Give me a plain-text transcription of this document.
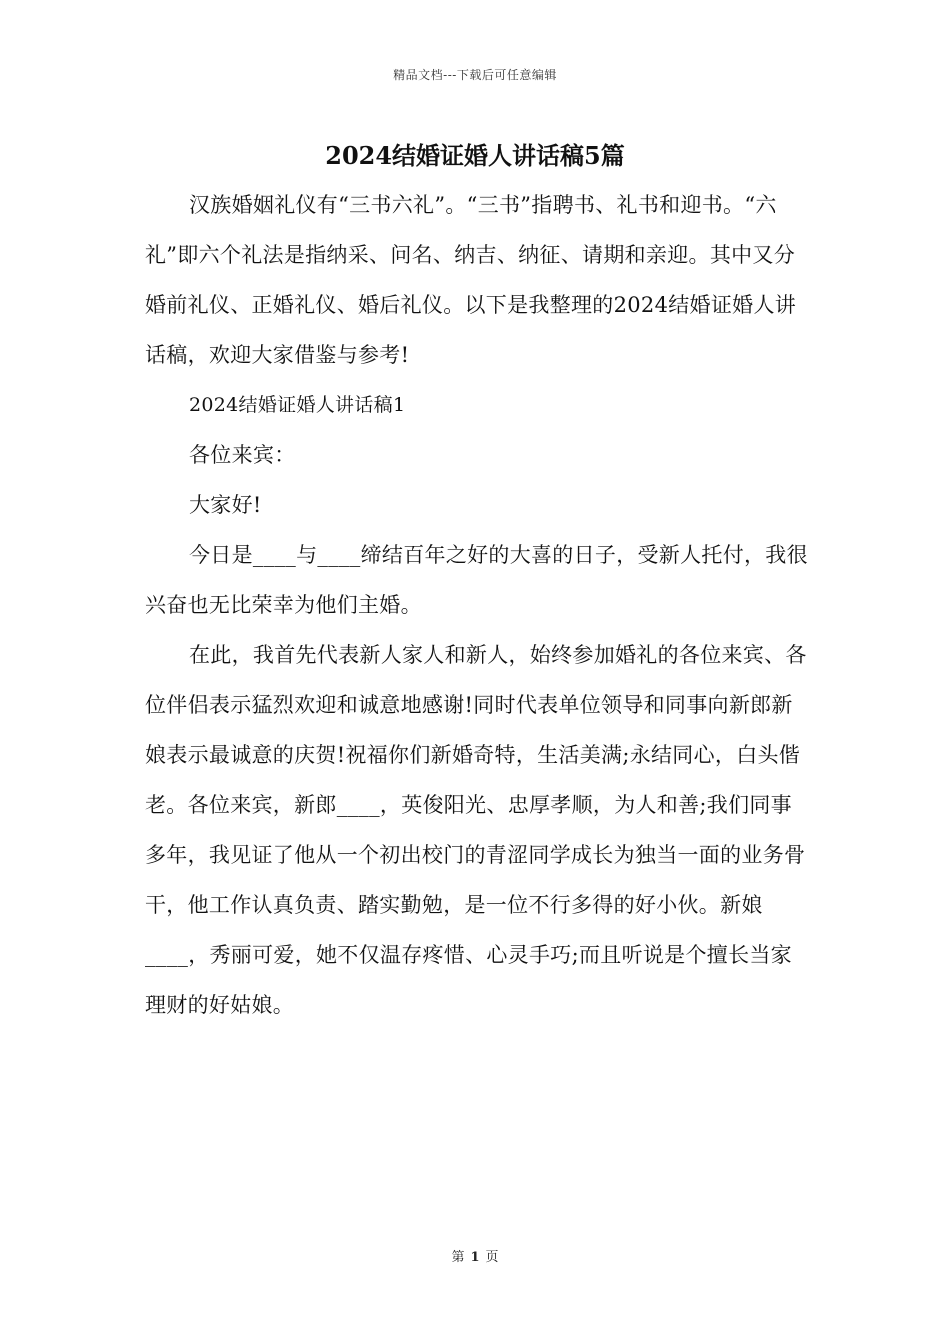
精品文档---下载后可任意编辑
2024结婚证婚人讲话稿5篇

汉族婚姻礼仪有“三书六礼”。“三书”指聘书、礼书和迎书。“六礼”即六个礼法是指纳采、问名、纳吉、纳征、请期和亲迎。其中又分婚前礼仪、正婚礼仪、婚后礼仪。以下是我整理的2024结婚证婚人讲话稿，欢迎大家借鉴与参考!

2024结婚证婚人讲话稿1

各位来宾：

大家好!

今日是____与____缔结百年之好的大喜的日子，受新人托付，我很兴奋也无比荣幸为他们主婚。

在此，我首先代表新人家人和新人，始终参加婚礼的各位来宾、各位伴侣表示猛烈欢迎和诚意地感谢!同时代表单位领导和同事向新郎新娘表示最诚意的庆贺!祝福你们新婚奇特，生活美满;永结同心，白头偕老。各位来宾，新郎____，英俊阳光、忠厚孝顺，为人和善;我们同事多年，我见证了他从一个初出校门的青涩同学成长为独当一面的业务骨干，他工作认真负责、踏实勤勉，是一位不行多得的好小伙。新娘____，秀丽可爱，她不仅温存疼惜、心灵手巧;而且听说是个擅长当家理财的好姑娘。

第 1 页
